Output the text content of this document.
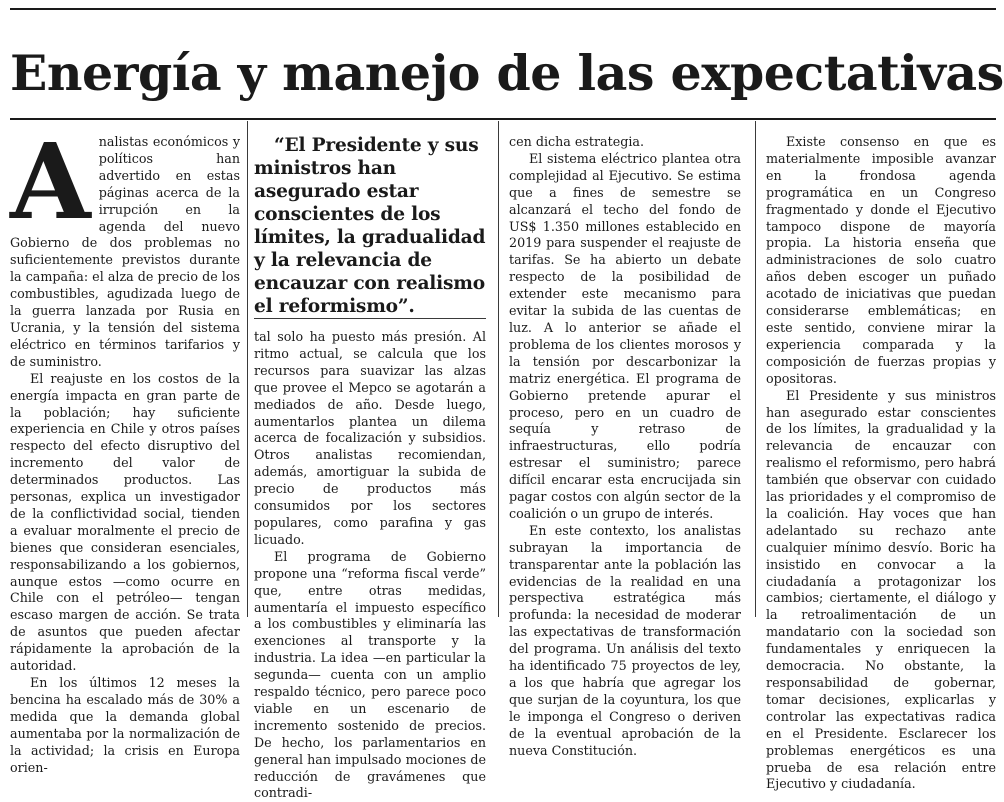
Energía y manejo de las expectativas

Analistas económicos y políticos han advertido en estas páginas acerca de la irrupción en la agenda del nuevo Gobierno de dos problemas no suficientemente previstos durante la campaña: el alza de precio de los combustibles, agudizada luego de la guerra lanzada por Rusia en Ucrania, y la tensión del sistema eléctrico en términos tarifarios y de suministro.

El reajuste en los costos de la energía impacta en gran parte de la población; hay suficiente experiencia en Chile y otros países respecto del efecto disruptivo del incremento del valor de determinados productos. Las personas, explica un investigador de la conflictividad social, tienden a evaluar moralmente el precio de bienes que consideran esenciales, responsabilizando a los gobiernos, aunque estos —como ocurre en Chile con el petróleo— tengan escaso margen de acción. Se trata de asuntos que pueden afectar rápidamente la aprobación de la autoridad.

En los últimos 12 meses la bencina ha escalado más de 30% a medida que la demanda global aumentaba por la normalización de la actividad; la crisis en Europa orien-

“El Presidente y sus ministros han asegurado estar conscientes de los límites, la gradualidad y la relevancia de encauzar con realismo el reformismo”.

tal solo ha puesto más presión. Al ritmo actual, se calcula que los recursos para suavizar las alzas que provee el Mepco se agotarán a mediados de año. Desde luego, aumentarlos plantea un dilema acerca de focalización y subsidios. Otros analistas recomiendan, además, amortiguar la subida de precio de productos más consumidos por los sectores populares, como parafina y gas licuado.

El programa de Gobierno propone una “reforma fiscal verde” que, entre otras medidas, aumentaría el impuesto específico a los combustibles y eliminaría las exenciones al transporte y la industria. La idea —en particular la segunda— cuenta con un amplio respaldo técnico, pero parece poco viable en un escenario de incremento sostenido de precios. De hecho, los parlamentarios en general han impulsado mociones de reducción de gravámenes que contradi-

cen dicha estrategia.

El sistema eléctrico plantea otra complejidad al Ejecutivo. Se estima que a fines de semestre se alcanzará el techo del fondo de US$ 1.350 millones establecido en 2019 para suspender el reajuste de tarifas. Se ha abierto un debate respecto de la posibilidad de extender este mecanismo para evitar la subida de las cuentas de luz. A lo anterior se añade el problema de los clientes morosos y la tensión por descarbonizar la matriz energética. El programa de Gobierno pretende apurar el proceso, pero en un cuadro de sequía y retraso de infraestructuras, ello podría estresar el suministro; parece difícil encarar esta encrucijada sin pagar costos con algún sector de la coalición o un grupo de interés.

En este contexto, los analistas subrayan la importancia de transparentar ante la población las evidencias de la realidad en una perspectiva estratégica más profunda: la necesidad de moderar las expectativas de transformación del programa. Un análisis del texto ha identificado 75 proyectos de ley, a los que habría que agregar los que surjan de la coyuntura, los que le imponga el Congreso o deriven de la eventual aprobación de la nueva Constitución.

Existe consenso en que es materialmente imposible avanzar en la frondosa agenda programática en un Congreso fragmentado y donde el Ejecutivo tampoco dispone de mayoría propia. La historia enseña que administraciones de solo cuatro años deben escoger un puñado acotado de iniciativas que puedan considerarse emblemáticas; en este sentido, conviene mirar la experiencia comparada y la composición de fuerzas propias y opositoras.

El Presidente y sus ministros han asegurado estar conscientes de los límites, la gradualidad y la relevancia de encauzar con realismo el reformismo, pero habrá también que observar con cuidado las prioridades y el compromiso de la coalición. Hay voces que han adelantado su rechazo ante cualquier mínimo desvío. Boric ha insistido en convocar a la ciudadanía a protagonizar los cambios; ciertamente, el diálogo y la retroalimentación de un mandatario con la sociedad son fundamentales y enriquecen la democracia. No obstante, la responsabilidad de gobernar, tomar decisiones, explicarlas y controlar las expectativas radica en el Presidente. Esclarecer los problemas energéticos es una prueba de esa relación entre Ejecutivo y ciudadanía.
